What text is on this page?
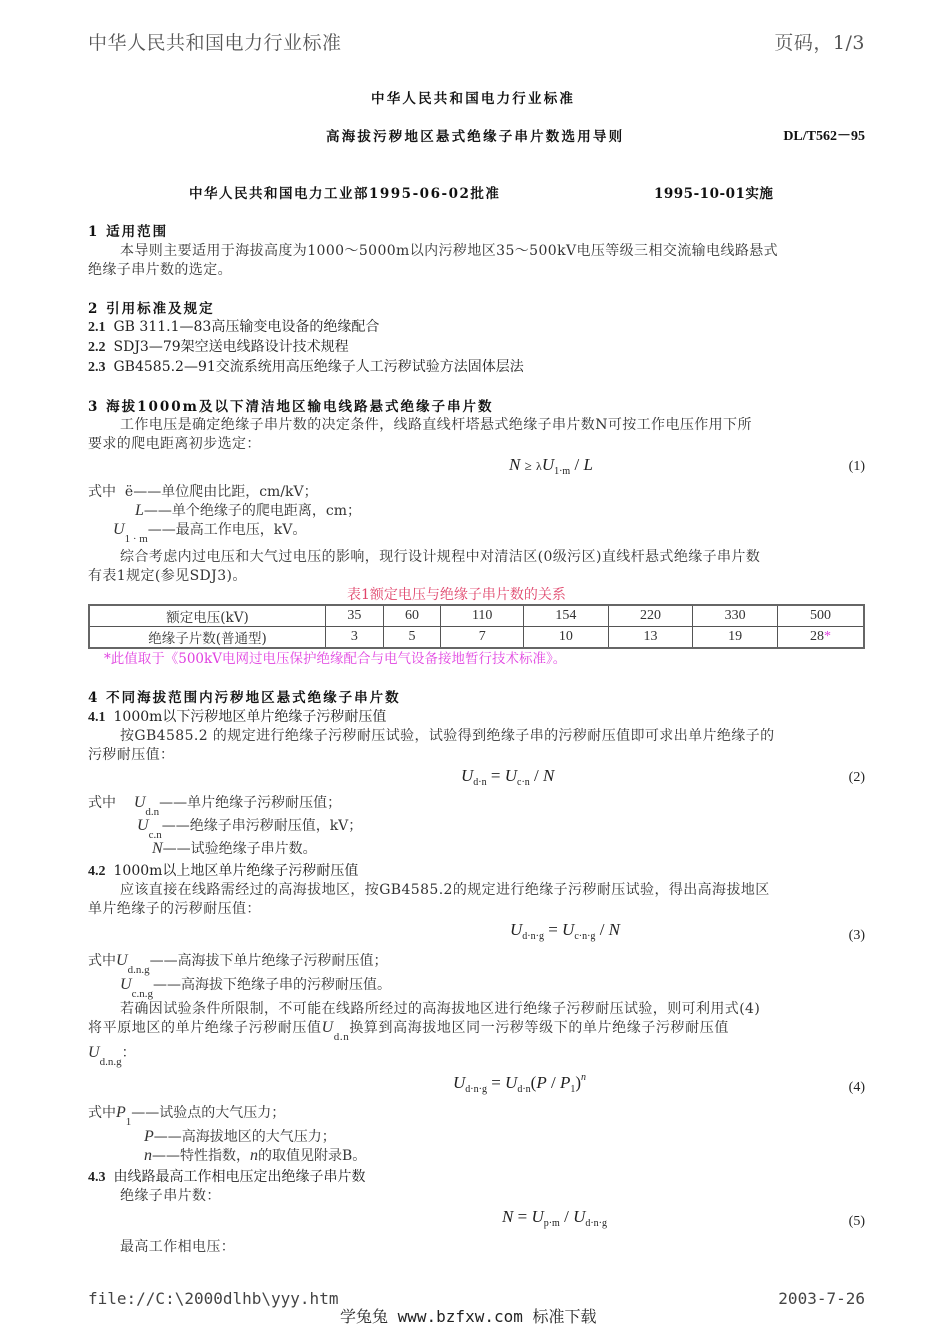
中华人民共和国电力行业标准	页码，1/3
中华人民共和国电力行业标准
高海拔污秽地区悬式绝缘子串片数选用导则	DL/T562－95
中华人民共和国电力工业部1995-06-02批准	1995-10-01实施
1 适用范围
本导则主要适用于海拔高度为1000～5000m以内污秽地区35～500kV电压等级三相交流输电线路悬式
绝缘子串片数的选定。
2 引用标准及规定
2.1 GB 311.1—83高压输变电设备的绝缘配合
2.2 SDJ3—79架空送电线路设计技术规程
2.3 GB4585.2—91交流系统用高压绝缘子人工污秽试验方法固体层法
3 海拔1000m及以下清洁地区输电线路悬式绝缘子串片数
工作电压是确定绝缘子串片数的决定条件，线路直线杆塔悬式绝缘子串片数N可按工作电压作用下所
要求的爬电距离初步选定：
$N \ge \lambda U_{1\cdot m} / L$	(1)
式中 ë——单位爬由比距，cm/kV；
L——单个绝缘子的爬电距离，cm；
$U_{1 \cdot m}——$最高工作电压，kV。
综合考虑内过电压和大气过电压的影响，现行设计规程中对清洁区(0级污区)直线杆悬式绝缘子串片数
有表1规定(参见SDJ3)。
表1额定电压与绝缘子串片数的关系
额定电压(kV)	35	60	110	154	220	330	500
绝缘子片数(普通型)	3	5	7	10	13	19	28*
*此值取于《500kV电网过电压保护绝缘配合与电气设备接地暂行技术标准》。
4 不同海拔范围内污秽地区悬式绝缘子串片数
4.1 1000m以下污秽地区单片绝缘子污秽耐压值
按GB4585.2 的规定进行绝缘子污秽耐压试验，试验得到绝缘子串的污秽耐压值即可求出单片绝缘子的
污秽耐压值：
$U_{d\cdot n} = U_{c\cdot n} / N$	(2)
式中 $U_{d.n}——$单片绝缘子污秽耐压值；
$U_{c.n}——$绝缘子串污秽耐压值，kV；
N——试验绝缘子串片数。
4.2 1000m以上地区单片绝缘子污秽耐压值
应该直接在线路需经过的高海拔地区，按GB4585.2的规定进行绝缘子污秽耐压试验，得出高海拔地区
单片绝缘子的污秽耐压值：
$U_{d\cdot n\cdot g} = U_{c\cdot n\cdot g} / N$	(3)
式中$U_{d.n.g}——$高海拔下单片绝缘子污秽耐压值；
$U_{c.n.g}——$高海拔下绝缘子串的污秽耐压值。
若确因试验条件所限制，不可能在线路所经过的高海拔地区进行绝缘子污秽耐压试验，则可利用式(4)
将平原地区的单片绝缘子污秽耐压值$U_{d.n}$换算到高海拔地区同一污秽等级下的单片绝缘子污秽耐压值
$U_{d.n.g}$：
$U_{d\cdot n\cdot g} = U_{d\cdot n}(P / P_1)^n$
(4)
式中$P_1——$试验点的大气压力；
P——高海拔地区的大气压力；
n——特性指数，n的取值见附录B。
4.3 由线路最高工作相电压定出绝缘子串片数
绝缘子串片数：
$N = U_{p\cdot m} / U_{d\cdot n\cdot g}$	(5)
最高工作相电压：
file://C:\2000dlhb\yyy.htm	2003-7-26
学兔兔 www.bzfxw.com 标准下载
